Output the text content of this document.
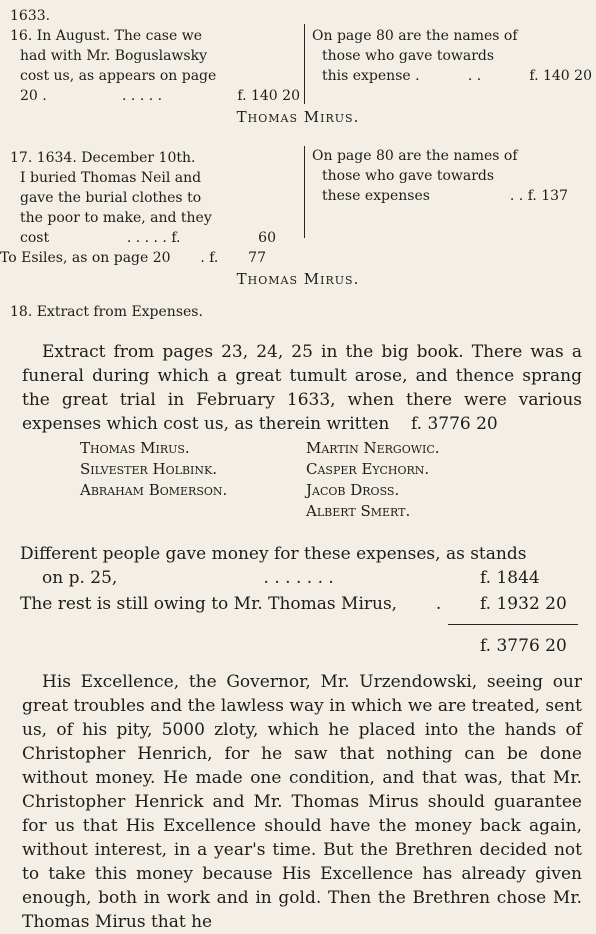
1633.
16. In August. The case we
had with Mr. Boguslawsky
cost us, as appears on page
20 .	. . . . .	f. 140 20
On page 80 are the names of
those who gave towards
this expense .	. .	f. 140 20
Thomas Mirus.
17. 1634. December 10th.
I buried Thomas Neil and
gave the burial clothes to
the poor to make, and they
cost	. . . . . f.	60
To Esiles, as on page 20 . f. 77
On page 80 are the names of
those who gave towards
these expenses	. . f. 137
Thomas Mirus.
18. Extract from Expenses.

Extract from pages 23, 24, 25 in the big book. There was a funeral during which a great tumult arose, and thence sprang the great trial in February 1633, when there were various expenses which cost us, as therein written f. 3776 20

Thomas Mirus.
Silvester Holbink.
Abraham Bomerson.
Martin Nergowic.
Casper Eychorn.
Jacob Dross.
Albert Smert.
Different people gave money for these expenses, as stands
on p. 25,	. . . . . . .	f. 1844
The rest is still owing to Mr. Thomas Mirus, . f. 1932 20
f. 3776 20

His Excellence, the Governor, Mr. Urzendowski, seeing our great troubles and the lawless way in which we are treated, sent us, of his pity, 5000 zloty, which he placed into the hands of Christopher Henrich, for he saw that nothing can be done without money. He made one condition, and that was, that Mr. Christopher Henrick and Mr. Thomas Mirus should guarantee for us that His Excellence should have the money back again, without interest, in a year's time. But the Brethren decided not to take this money because His Excellence has already given enough, both in work and in gold. Then the Brethren chose Mr. Thomas Mirus that he
